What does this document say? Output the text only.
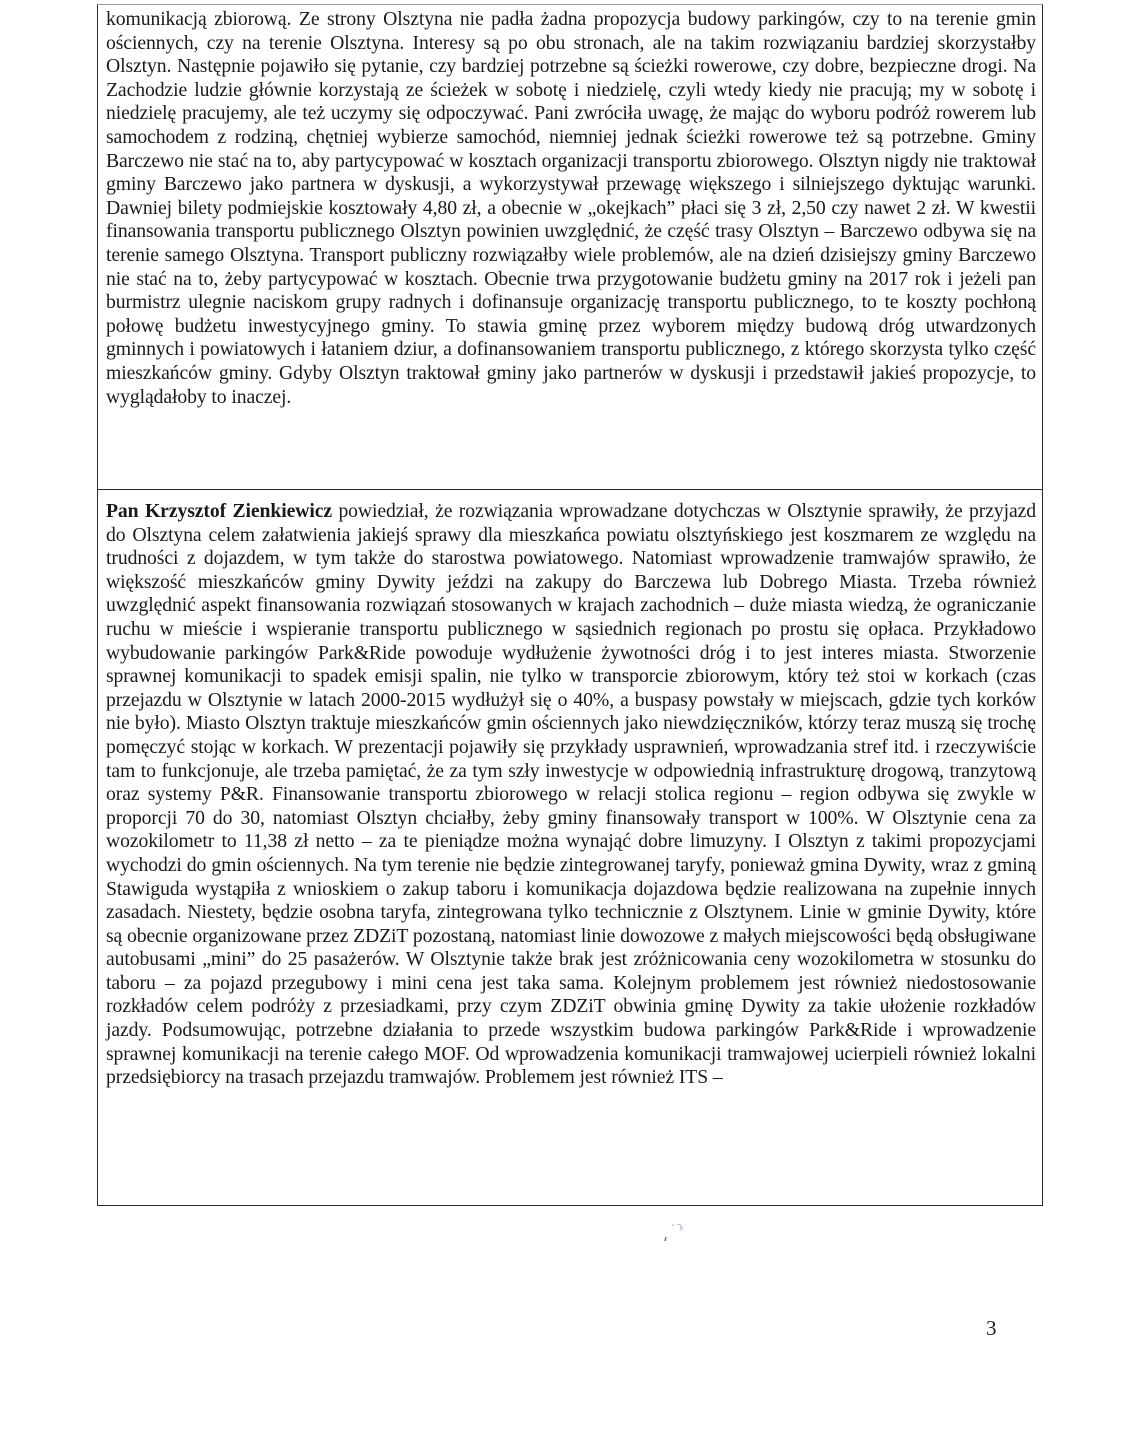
komunikacją zbiorową. Ze strony Olsztyna nie padła żadna propozycja budowy parkingów, czy to na terenie gmin ościennych, czy na terenie Olsztyna. Interesy są po obu stronach, ale na takim rozwiązaniu bardziej skorzystałby Olsztyn. Następnie pojawiło się pytanie, czy bardziej potrzebne są ścieżki rowerowe, czy dobre, bezpieczne drogi. Na Zachodzie ludzie głównie korzystają ze ścieżek w sobotę i niedzielę, czyli wtedy kiedy nie pracują; my w sobotę i niedzielę pracujemy, ale też uczymy się odpoczywać. Pani zwróciła uwagę, że mając do wyboru podróż rowerem lub samochodem z rodziną, chętniej wybierze samochód, niemniej jednak ścieżki rowerowe też są potrzebne. Gminy Barczewo nie stać na to, aby partycypować w kosztach organizacji transportu zbiorowego. Olsztyn nigdy nie traktował gminy Barczewo jako partnera w dyskusji, a wykorzystywał przewagę większego i silniejszego dyktując warunki. Dawniej bilety podmiejskie kosztowały 4,80 zł, a obecnie w „okejkach” płaci się 3 zł, 2,50 czy nawet 2 zł. W kwestii finansowania transportu publicznego Olsztyn powinien uwzględnić, że część trasy Olsztyn – Barczewo odbywa się na terenie samego Olsztyna. Transport publiczny rozwiązałby wiele problemów, ale na dzień dzisiejszy gminy Barczewo nie stać na to, żeby partycypować w kosztach. Obecnie trwa przygotowanie budżetu gminy na 2017 rok i jeżeli pan burmistrz ulegnie naciskom grupy radnych i dofinansuje organizację transportu publicznego, to te koszty pochłoną połowę budżetu inwestycyjnego gminy. To stawia gminę przez wyborem między budową dróg utwardzonych gminnych i powiatowych i łataniem dziur, a dofinansowaniem transportu publicznego, z którego skorzysta tylko część mieszkańców gminy. Gdyby Olsztyn traktował gminy jako partnerów w dyskusji i przedstawił jakieś propozycje, to wyglądałoby to inaczej.

Pan Krzysztof Zienkiewicz powiedział, że rozwiązania wprowadzane dotychczas w Olsztynie sprawiły, że przyjazd do Olsztyna celem załatwienia jakiejś sprawy dla mieszkańca powiatu olsztyńskiego jest koszmarem ze względu na trudności z dojazdem, w tym także do starostwa powiatowego. Natomiast wprowadzenie tramwajów sprawiło, że większość mieszkańców gminy Dywity jeździ na zakupy do Barczewa lub Dobrego Miasta. Trzeba również uwzględnić aspekt finansowania rozwiązań stosowanych w krajach zachodnich – duże miasta wiedzą, że ograniczanie ruchu w mieście i wspieranie transportu publicznego w sąsiednich regionach po prostu się opłaca. Przykładowo wybudowanie parkingów Park&Ride powoduje wydłużenie żywotności dróg i to jest interes miasta. Stworzenie sprawnej komunikacji to spadek emisji spalin, nie tylko w transporcie zbiorowym, który też stoi w korkach (czas przejazdu w Olsztynie w latach 2000-2015 wydłużył się o 40%, a buspasy powstały w miejscach, gdzie tych korków nie było). Miasto Olsztyn traktuje mieszkańców gmin ościennych jako niewdzięczników, którzy teraz muszą się trochę pomęczyć stojąc w korkach. W prezentacji pojawiły się przykłady usprawnień, wprowadzania stref itd. i rzeczywiście tam to funkcjonuje, ale trzeba pamiętać, że za tym szły inwestycje w odpowiednią infrastrukturę drogową, tranzytową oraz systemy P&R. Finansowanie transportu zbiorowego w relacji stolica regionu – region odbywa się zwykle w proporcji 70 do 30, natomiast Olsztyn chciałby, żeby gminy finansowały transport w 100%. W Olsztynie cena za wozokilometr to 11,38 zł netto – za te pieniądze można wynająć dobre limuzyny. I Olsztyn z takimi propozycjami wychodzi do gmin ościennych. Na tym terenie nie będzie zintegrowanej taryfy, ponieważ gmina Dywity, wraz z gminą Stawiguda wystąpiła z wnioskiem o zakup taboru i komunikacja dojazdowa będzie realizowana na zupełnie innych zasadach. Niestety, będzie osobna taryfa, zintegrowana tylko technicznie z Olsztynem. Linie w gminie Dywity, które są obecnie organizowane przez ZDZiT pozostaną, natomiast linie dowozowe z małych miejscowości będą obsługiwane autobusami „mini” do 25 pasażerów. W Olsztynie także brak jest zróżnicowania ceny wozokilometra w stosunku do taboru – za pojazd przegubowy i mini cena jest taka sama. Kolejnym problemem jest również niedostosowanie rozkładów celem podróży z przesiadkami, przy czym ZDZiT obwinia gminę Dywity za takie ułożenie rozkładów jazdy. Podsumowując, potrzebne działania to przede wszystkim budowa parkingów Park&Ride i wprowadzenie sprawnej komunikacji na terenie całego MOF. Od wprowadzenia komunikacji tramwajowej ucierpieli również lokalni przedsiębiorcy na trasach przejazdu tramwajów. Problemem jest również ITS –

3
